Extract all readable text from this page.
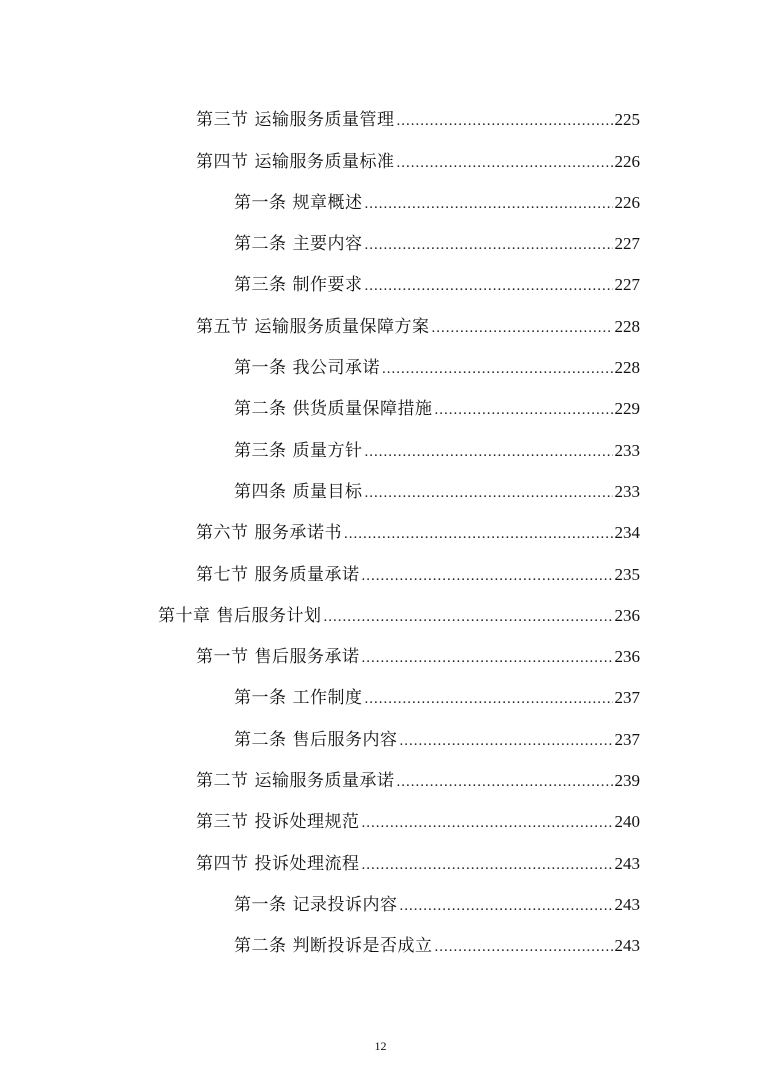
第三节 运输服务质量管理 .....	225
第四节 运输服务质量标准 .....	226
第一条 规章概述 .....	226
第二条 主要内容 .....	227
第三条 制作要求 .....	227
第五节 运输服务质量保障方案 .....	228
第一条 我公司承诺 .....	228
第二条 供货质量保障措施 .....	229
第三条 质量方针 .....	233
第四条 质量目标 .....	233
第六节 服务承诺书 .....	234
第七节 服务质量承诺 .....	235
第十章 售后服务计划 .....	236
第一节 售后服务承诺 .....	236
第一条 工作制度 .....	237
第二条 售后服务内容 .....	237
第二节 运输服务质量承诺 .....	239
第三节 投诉处理规范 .....	240
第四节 投诉处理流程 .....	243
第一条 记录投诉内容 .....	243
第二条 判断投诉是否成立 .....	243
12
